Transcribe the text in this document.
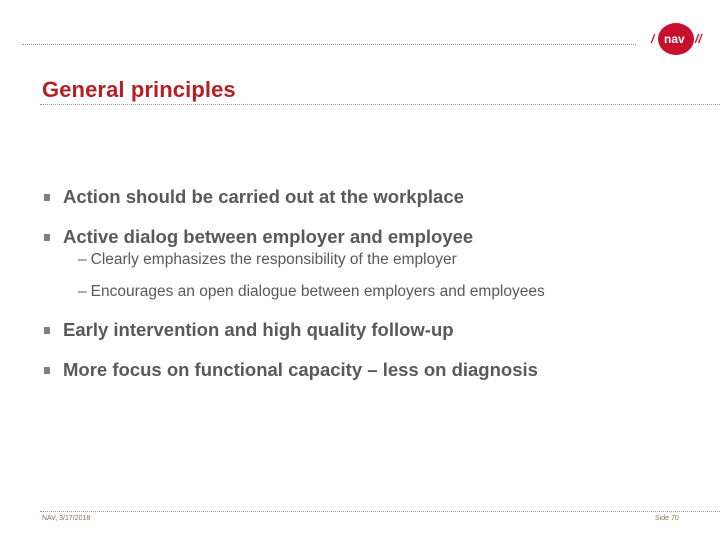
/ nav //
General principles
Action should be carried out at the workplace
Active dialog between employer and employee
– Clearly emphasizes the responsibility of the employer
– Encourages an open dialogue between employers and employees
Early intervention and high quality follow-up
More focus on functional capacity – less on diagnosis
NAV, 3/17/2018	Side 70
